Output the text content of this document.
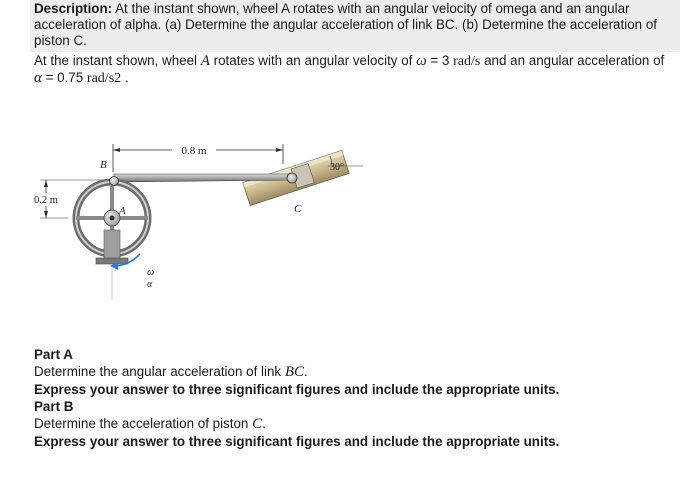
Description: At the instant shown, wheel A rotates with an angular velocity of omega and an angular acceleration of alpha. (a) Determine the angular acceleration of link BC. (b) Determine the acceleration of piston C.
At the instant shown, wheel A rotates with an angular velocity of ω = 3 rad/s and an angular acceleration of α = 0.75 rad/s2 .
0.8 m
0.2 m
30°
C
B
A
ω
α
Part A
Determine the angular acceleration of link BC.
Express your answer to three significant figures and include the appropriate units.
Part B
Determine the acceleration of piston C.
Express your answer to three significant figures and include the appropriate units.
